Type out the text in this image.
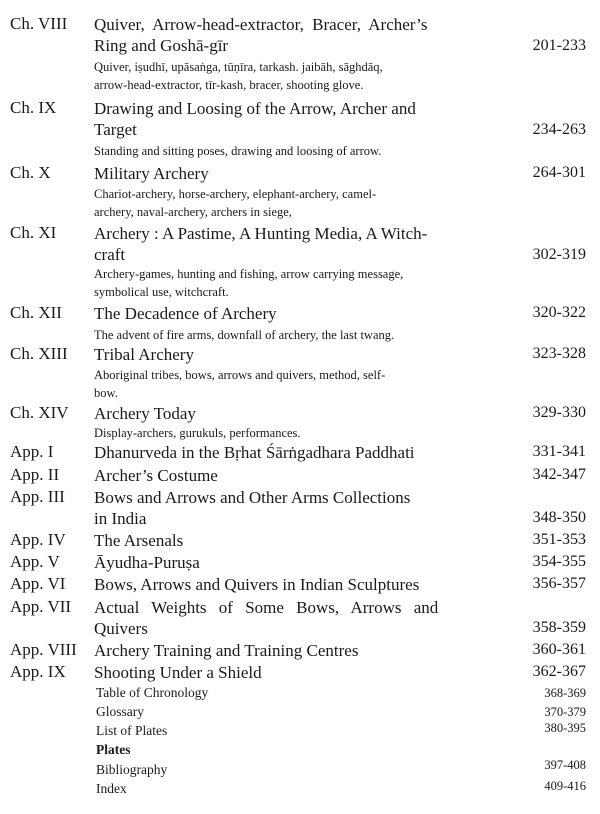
Ch. VIII Quiver, Arrow-head-extractor, Bracer, Archer’s
Ring and Goshā-gīr	201-233
Quiver, iṣudhī, upāsaṅga, tūṇīra, tarkash. jaibāh, sāghdāq,
arrow-head-extractor, tīr-kash, bracer, shooting glove.
Ch. IX Drawing and Loosing of the Arrow, Archer and
Target	234-263
Standing and sitting poses, drawing and loosing of arrow.
Ch. X	Military Archery	264-301
Chariot-archery, horse-archery, elephant-archery, camel-
archery, naval-archery, archers in siege,
Ch. XI Archery : A Pastime, A Hunting Media, A Witch-
craft	302-319
Archery-games, hunting and fishing, arrow carrying message,
symbolical use, witchcraft.
Ch. XII The Decadence of Archery	320-322
The advent of fire arms, downfall of archery, the last twang.
Ch. XIII Tribal Archery	323-328
Aboriginal tribes, bows, arrows and quivers, method, self-
bow.
Ch. XIV Archery Today	329-330
Display-archers, gurukuls, performances.
App. I Dhanurveda in the Bṛhat Śārṅgadhara Paddhati	331-341
App. II Archer’s Costume	342-347
App. III Bows and Arrows and Other Arms Collections
in India	348-350
App. IV The Arsenals	351-353
App. V Āyudha-Puruṣa	354-355
App. VI Bows, Arrows and Quivers in Indian Sculptures	356-357
App. VII Actual Weights of Some Bows, Arrows and
Quivers	358-359
App. VIII Archery Training and Training Centres	360-361
App. IX Shooting Under a Shield	362-367
Table of Chronology	368-369
Glossary	370-379
List of Plates	380-395
Plates
Bibliography	397-408
Index	409-416
